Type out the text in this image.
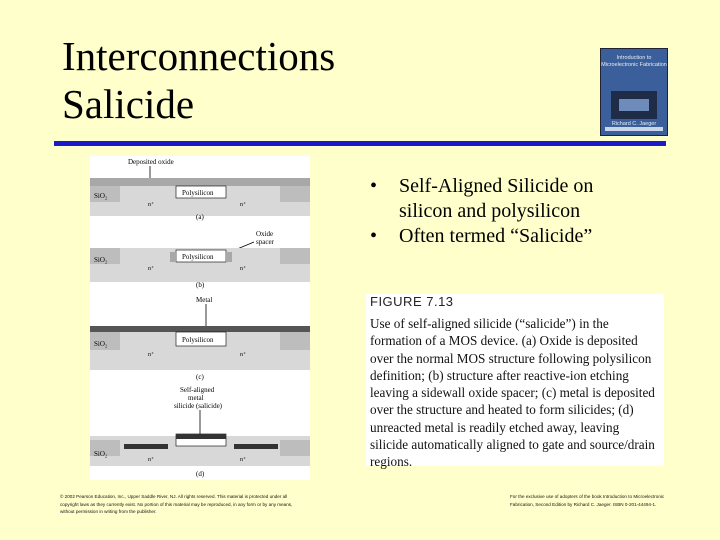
Interconnections
Salicide
Introduction to Microelectronic Fabrication
Richard C. Jaeger
Deposited oxide
Polysilicon
SiO₂
n⁺	n⁺
(a)
Oxide
spacer
Polysilicon
SiO₂
n⁺	n⁺
(b)
Metal
Polysilicon
SiO₂
n⁺	n⁺
(c)
Self-aligned
metal
silicide (salicide)
SiO₂
n⁺	n⁺
(d)
• Self-Aligned Silicide on silicon and polysilicon
• Often termed “Salicide”
FIGURE 7.13
Use of self-aligned silicide (“salicide”) in the formation of a MOS device. (a) Oxide is deposited over the normal MOS structure following polysilicon definition; (b) structure after reactive-ion etching leaving a sidewall oxide spacer; (c) metal is deposited over the structure and heated to form silicides; (d) unreacted metal is readily etched away, leaving silicide automatically aligned to gate and source/drain regions.
© 2002 Pearson Education, Inc., Upper Saddle River, NJ. All rights reserved. This material is protected under all copyright laws as they currently exist. No portion of this material may be reproduced, in any form or by any means, without permission in writing from the publisher.
For the exclusive use of adopters of the book Introduction to Microelectronic Fabrication, Second Edition by Richard C. Jaeger. ISBN 0-201-44494-1.
